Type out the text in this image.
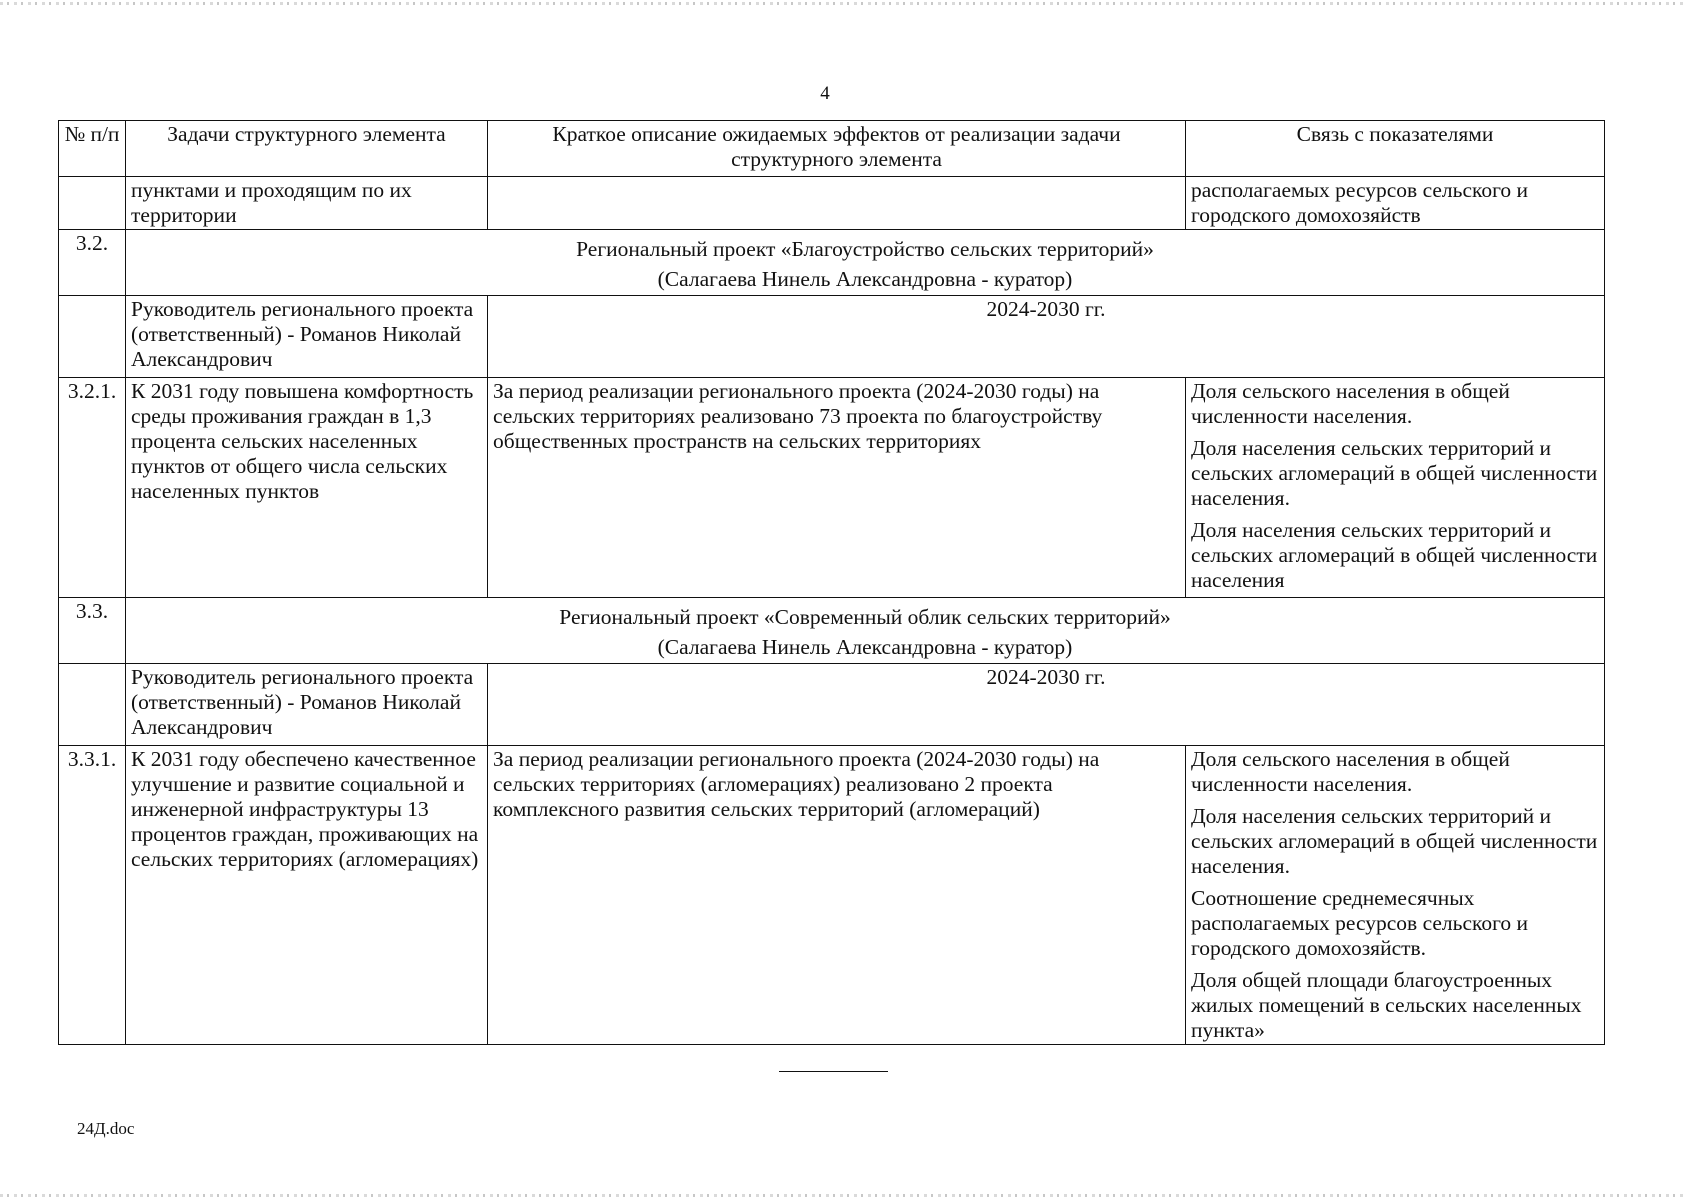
4
№ п/п	Задачи структурного элемента	Краткое описание ожидаемых эффектов от реализации задачи структурного элемента	Связь с показателями
	пунктами и проходящим по их территории		располагаемых ресурсов сельского и городского домохозяйств
3.2.	Региональный проект «Благоустройство сельских территорий»
(Салагаева Нинель Александровна - куратор)		

	Руководитель регионального проекта (ответственный) - Романов Николай Александрович	2024-2030 гг.	
3.2.1.	К 2031 году повышена комфортность среды проживания граждан в 1,3 процента сельских населенных пунктов от общего числа сельских населенных пунктов	За период реализации регионального проекта (2024-2030 годы) на сельских территориях реализовано 73 проекта по благоустройству общественных пространств на сельских территориях	Доля сельского населения в общей численности населения.
Доля населения сельских территорий и сельских агломераций в общей численности населения.
Доля населения сельских территорий и сельских агломераций в общей численности населения

3.3.	Региональный проект «Современный облик сельских территорий»
(Салагаева Нинель Александровна - куратор)		

	Руководитель регионального проекта (ответственный) - Романов Николай Александрович	2024-2030 гг.	
3.3.1.	К 2031 году обеспечено качественное улучшение и развитие социальной и инженерной инфраструктуры 13 процентов граждан, проживающих на сельских территориях (агломерациях)	За период реализации регионального проекта (2024-2030 годы) на сельских территориях (агломерациях) реализовано 2 проекта комплексного развития сельских территорий (агломераций)	Доля сельского населения в общей численности населения.
Доля населения сельских территорий и сельских агломераций в общей численности населения.
Соотношение среднемесячных располагаемых ресурсов сельского и городского домохозяйств.
Доля общей площади благоустроенных жилых помещений в сельских населенных пункта»
24Д.doc
